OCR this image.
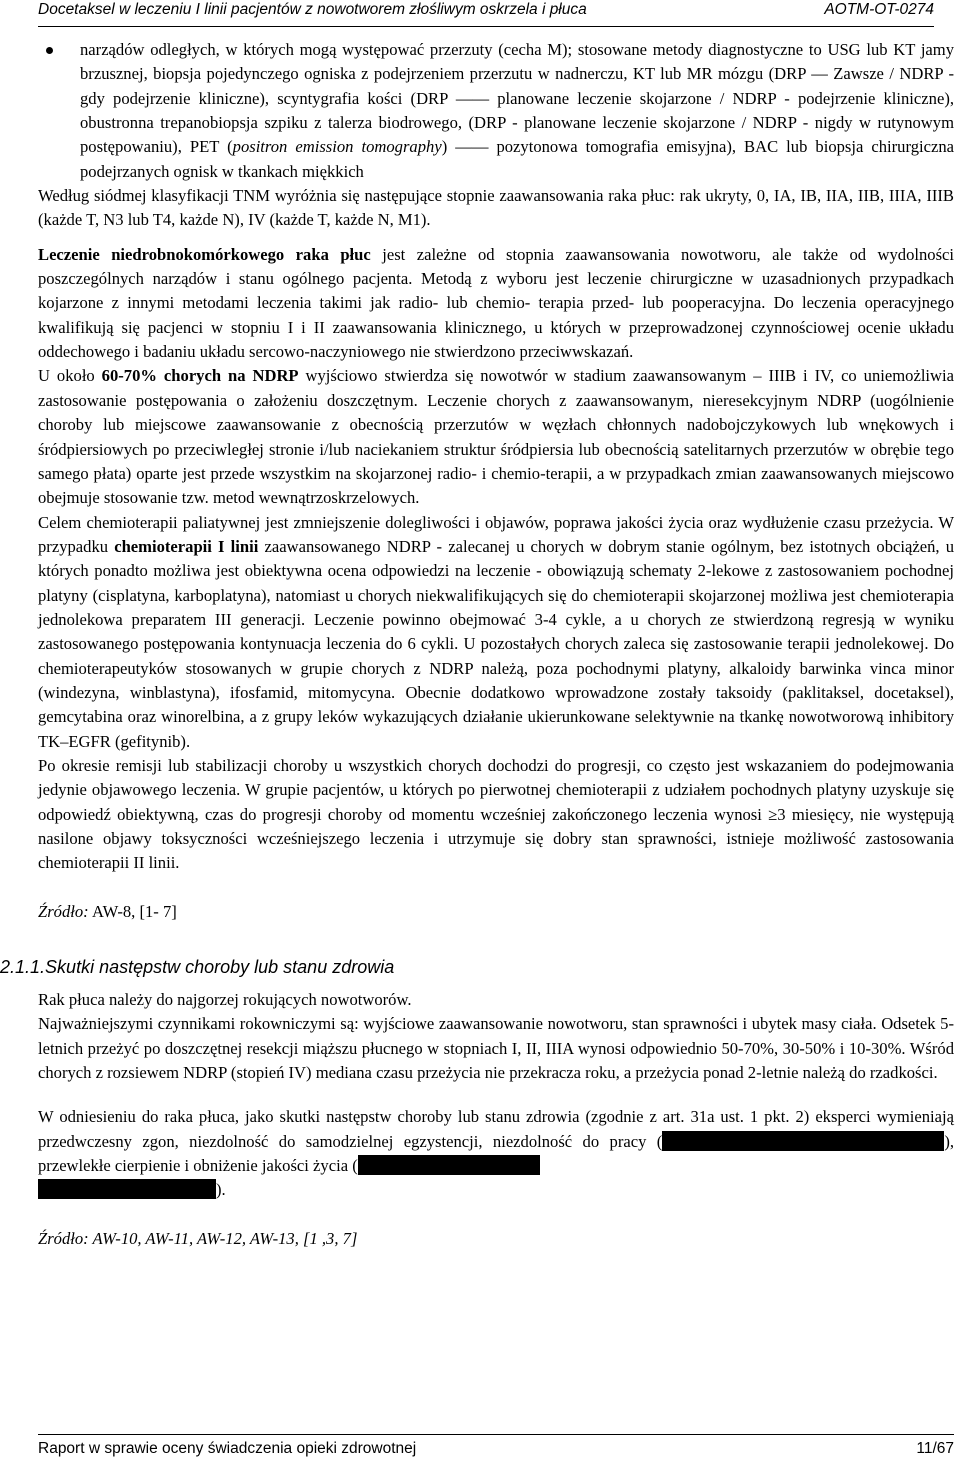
Docetaksel w leczeniu I linii pacjentów z nowotworem złośliwym oskrzela i płuca	AOTM-OT-0274
narządów odległych, w których mogą występować przerzuty (cecha M); stosowane metody diagnostyczne to USG lub KT jamy brzusznej, biopsja pojedynczego ogniska z podejrzeniem przerzutu w nadnerczu, KT lub MR mózgu (DRP — Zawsze / NDRP - gdy podejrzenie kliniczne), scyntygrafia kości (DRP —— planowane leczenie skojarzone / NDRP - podejrzenie kliniczne), obustronna trepanobiopsja szpiku z talerza biodrowego, (DRP - planowane leczenie skojarzone / NDRP - nigdy w rutynowym postępowaniu), PET (positron emission tomography) —— pozytonowa tomografia emisyjna), BAC lub biopsja chirurgiczna podejrzanych ognisk w tkankach miękkich

Według siódmej klasyfikacji TNM wyróżnia się następujące stopnie zaawansowania raka płuc: rak ukryty, 0, IA, IB, IIA, IIB, IIIA, IIIB (każde T, N3 lub T4, każde N), IV (każde T, każde N, M1).

Leczenie niedrobnokomórkowego raka płuc jest zależne od stopnia zaawansowania nowotworu, ale także od wydolności poszczególnych narządów i stanu ogólnego pacjenta. Metodą z wyboru jest leczenie chirurgiczne w uzasadnionych przypadkach kojarzone z innymi metodami leczenia takimi jak radio- lub chemio- terapia przed- lub pooperacyjna. Do leczenia operacyjnego kwalifikują się pacjenci w stopniu I i II zaawansowania klinicznego, u których w przeprowadzonej czynnościowej ocenie układu oddechowego i badaniu układu sercowo-naczyniowego nie stwierdzono przeciwwskazań.

U około 60-70% chorych na NDRP wyjściowo stwierdza się nowotwór w stadium zaawansowanym – IIIB i IV, co uniemożliwia zastosowanie postępowania o założeniu doszczętnym. Leczenie chorych z zaawansowanym, nieresekcyjnym NDRP (uogólnienie choroby lub miejscowe zaawansowanie z obecnością przerzutów w węzłach chłonnych nadobojczykowych lub wnękowych i śródpiersiowych po przeciwległej stronie i/lub naciekaniem struktur śródpiersia lub obecnością satelitarnych przerzutów w obrębie tego samego płata) oparte jest przede wszystkim na skojarzonej radio- i chemio-terapii, a w przypadkach zmian zaawansowanych miejscowo obejmuje stosowanie tzw. metod wewnątrzoskrzelowych.

Celem chemioterapii paliatywnej jest zmniejszenie dolegliwości i objawów, poprawa jakości życia oraz wydłużenie czasu przeżycia. W przypadku chemioterapii I linii zaawansowanego NDRP - zalecanej u chorych w dobrym stanie ogólnym, bez istotnych obciążeń, u których ponadto możliwa jest obiektywna ocena odpowiedzi na leczenie - obowiązują schematy 2-lekowe z zastosowaniem pochodnej platyny (cisplatyna, karboplatyna), natomiast u chorych niekwalifikujących się do chemioterapii skojarzonej możliwa jest chemioterapia jednolekowa preparatem III generacji. Leczenie powinno obejmować 3-4 cykle, a u chorych ze stwierdzoną regresją w wyniku zastosowanego postępowania kontynuacja leczenia do 6 cykli. U pozostałych chorych zaleca się zastosowanie terapii jednolekowej. Do chemioterapeutyków stosowanych w grupie chorych z NDRP należą, poza pochodnymi platyny, alkaloidy barwinka vinca minor (windezyna, winblastyna), ifosfamid, mitomycyna. Obecnie dodatkowo wprowadzone zostały taksoidy (paklitaksel, docetaksel), gemcytabina oraz winorelbina, a z grupy leków wykazujących działanie ukierunkowane selektywnie na tkankę nowotworową inhibitory TK–EGFR (gefitynib).

Po okresie remisji lub stabilizacji choroby u wszystkich chorych dochodzi do progresji, co często jest wskazaniem do podejmowania jedynie objawowego leczenia. W grupie pacjentów, u których po pierwotnej chemioterapii z udziałem pochodnych platyny uzyskuje się odpowiedź obiektywną, czas do progresji choroby od momentu wcześniej zakończonego leczenia wynosi ≥3 miesięcy, nie występują nasilone objawy toksyczności wcześniejszego leczenia i utrzymuje się dobry stan sprawności, istnieje możliwość zastosowania chemioterapii II linii.

Źródło: AW-8, [1- 7]

2.1.1.Skutki następstw choroby lub stanu zdrowia

Rak płuca należy do najgorzej rokujących nowotworów.

Najważniejszymi czynnikami rokowniczymi są: wyjściowe zaawansowanie nowotworu, stan sprawności i ubytek masy ciała. Odsetek 5-letnich przeżyć po doszczętnej resekcji miąższu płucnego w stopniach I, II, IIIA wynosi odpowiednio 50-70%, 30-50% i 10-30%. Wśród chorych z rozsiewem NDRP (stopień IV) mediana czasu przeżycia nie przekracza roku, a przeżycia ponad 2-letnie należą do rzadkości.

W odniesieniu do raka płuca, jako skutki następstw choroby lub stanu zdrowia (zgodnie z art. 31a ust. 1 pkt. 2) eksperci wymieniają przedwczesny zgon, niezdolność do samodzielnej egzystencji, niezdolność do pracy (	), przewlekłe cierpienie i obniżenie jakości życia (
).

Źródło: AW-10, AW-11, AW-12, AW-13, [1 ,3, 7]

Raport w sprawie oceny świadczenia opieki zdrowotnej	11/67
